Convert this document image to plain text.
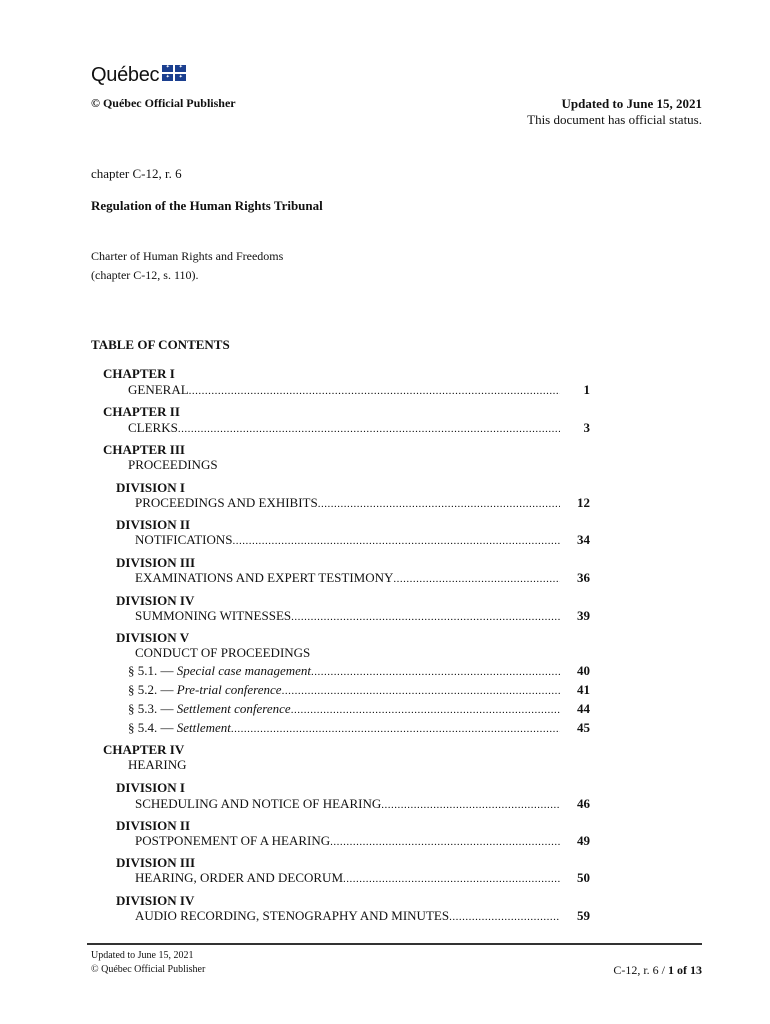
Québec ✦ ✦
✦ ✦
© Québec Official Publisher	Updated to June 15, 2021
This document has official status.
chapter C-12, r. 6
Regulation of the Human Rights Tribunal
Charter of Human Rights and Freedoms
(chapter C-12, s. 110).
TABLE OF CONTENTS
CHAPTER I
GENERAL .....	1
CHAPTER II
CLERKS .....	3
CHAPTER III
PROCEEDINGS
DIVISION I
PROCEEDINGS AND EXHIBITS .....	12
DIVISION II
NOTIFICATIONS .....	34
DIVISION III
EXAMINATIONS AND EXPERT TESTIMONY .....	36
DIVISION IV
SUMMONING WITNESSES .....	39
DIVISION V
CONDUCT OF PROCEEDINGS
§ 5.1. — Special case management .....	40
§ 5.2. — Pre-trial conference .....	41
§ 5.3. — Settlement conference .....	44
§ 5.4. — Settlement .....	45
CHAPTER IV
HEARING
DIVISION I
SCHEDULING AND NOTICE OF HEARING .....	46
DIVISION II
POSTPONEMENT OF A HEARING .....	49
DIVISION III
HEARING, ORDER AND DECORUM .....	50
DIVISION IV
AUDIO RECORDING, STENOGRAPHY AND MINUTES .....	59
Updated to June 15, 2021
© Québec Official Publisher	C-12, r. 6 / 1 of 13
